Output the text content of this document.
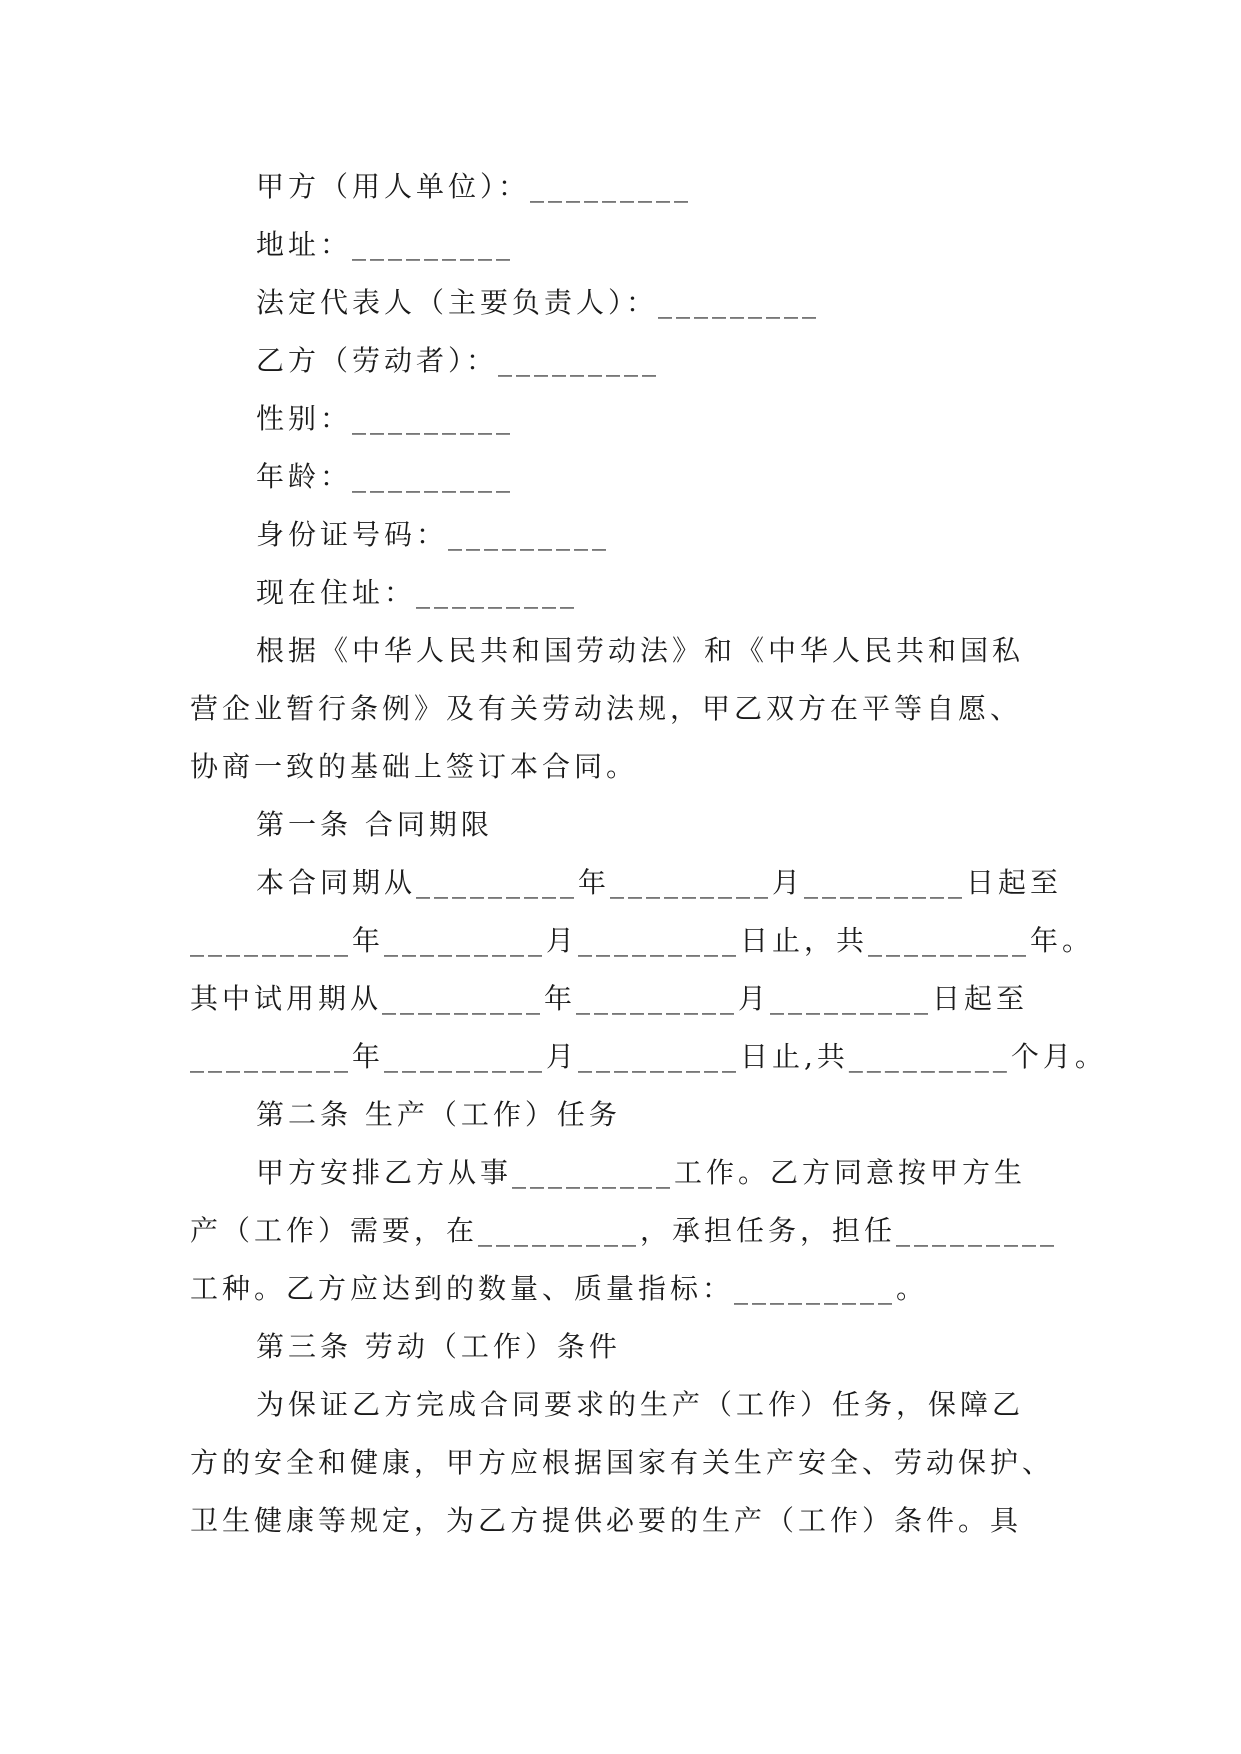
甲方（用人单位）：_________

地址：_________

法定代表人（主要负责人）：_________

乙方（劳动者）：_________

性别：_________

年龄：_________

身份证号码：_________

现在住址：_________

根据《中华人民共和国劳动法》和《中华人民共和国私

营企业暂行条例》及有关劳动法规，甲乙双方在平等自愿、

协商一致的基础上签订本合同。

第一条 合同期限

本合同期从_________年_________月_________日起至

_________年_________月_________日止，共_________年。

其中试用期从_________年_________月_________日起至

_________年_________月_________日止,共_________个月。

第二条 生产（工作）任务

甲方安排乙方从事_________工作。乙方同意按甲方生

产（工作）需要，在_________，承担任务，担任_________

工种。乙方应达到的数量、质量指标：_________。

第三条 劳动（工作）条件

为保证乙方完成合同要求的生产（工作）任务，保障乙

方的安全和健康，甲方应根据国家有关生产安全、劳动保护、

卫生健康等规定，为乙方提供必要的生产（工作）条件。具
